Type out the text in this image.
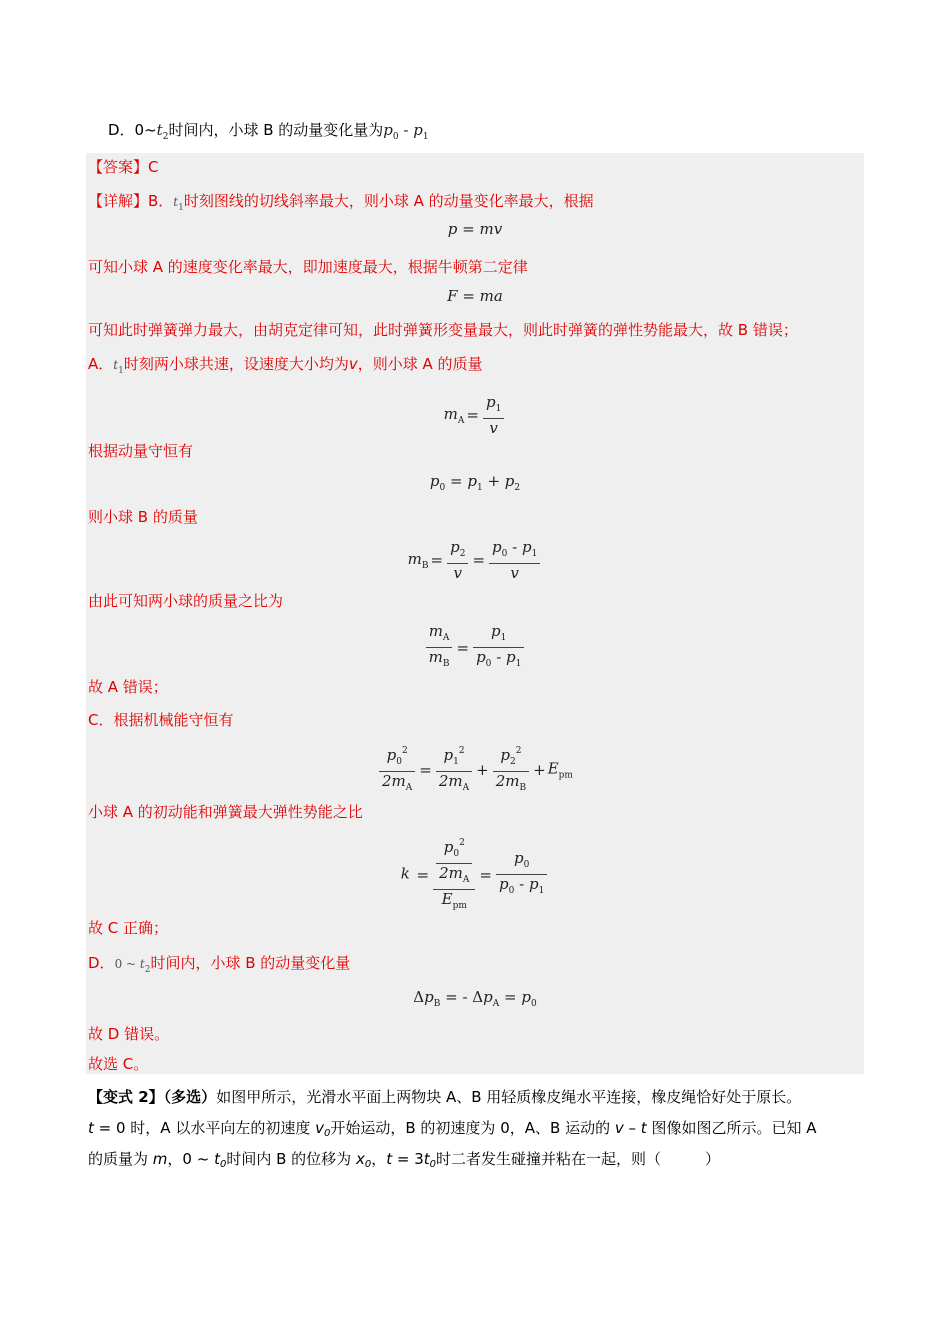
D．$0\sim t_2$时间内，小球 B 的动量变化量为$p_0 - p_1$
【答案】C
【详解】B．$t_1$时刻图线的切线斜率最大，则小球 A 的动量变化率最大，根据
p = mv
可知小球 A 的速度变化率最大，即加速度最大，根据牛顿第二定律
F = ma
可知此时弹簧弹力最大，由胡克定律可知，此时弹簧形变量最大，则此时弹簧的弹性势能最大，故 B 错误；
A．$t_1$时刻两小球共速，设速度大小均为v，则小球 A 的质量
$m_A = \frac{p_1}{v}$
根据动量守恒有
$p_0 = p_1 + p_2$
则小球 B 的质量
$m_B = \frac{p_2}{v} = \frac{p_0 - p_1}{v}$
由此可知两小球的质量之比为
$\frac{m_A}{m_B} = \frac{p_1}{p_0 - p_1}$
故 A 错误；
C．根据机械能守恒有
$\frac{p_0^2}{2m_A} = \frac{p_1^2}{2m_A} + \frac{p_2^2}{2m_B} + E_{pm}$
小球 A 的初动能和弹簧最大弹性势能之比
$k = \frac{\frac{p_0^2}{2m_A}}{E_{pm}} = \frac{p_0}{p_0 - p_1}$
故 C 正确；
D．0 ~ $t_2$时间内，小球 B 的动量变化量
$\Delta p_B$ = - $\Delta p_A = p_0$
故 D 错误。
故选 C。
【变式 2】（多选）如图甲所示，光滑水平面上两物块 A、B 用轻质橡皮绳水平连接，橡皮绳恰好处于原长。
t = 0 时，A 以水平向左的初速度 $v_0$开始运动，B 的初速度为 0，A、B 运动的 v – t 图像如图乙所示。已知 A
的质量为 m，0 ~ $t_0$时间内 B 的位移为 $x_0$，$t = 3t_0$时二者发生碰撞并粘在一起，则（	）
